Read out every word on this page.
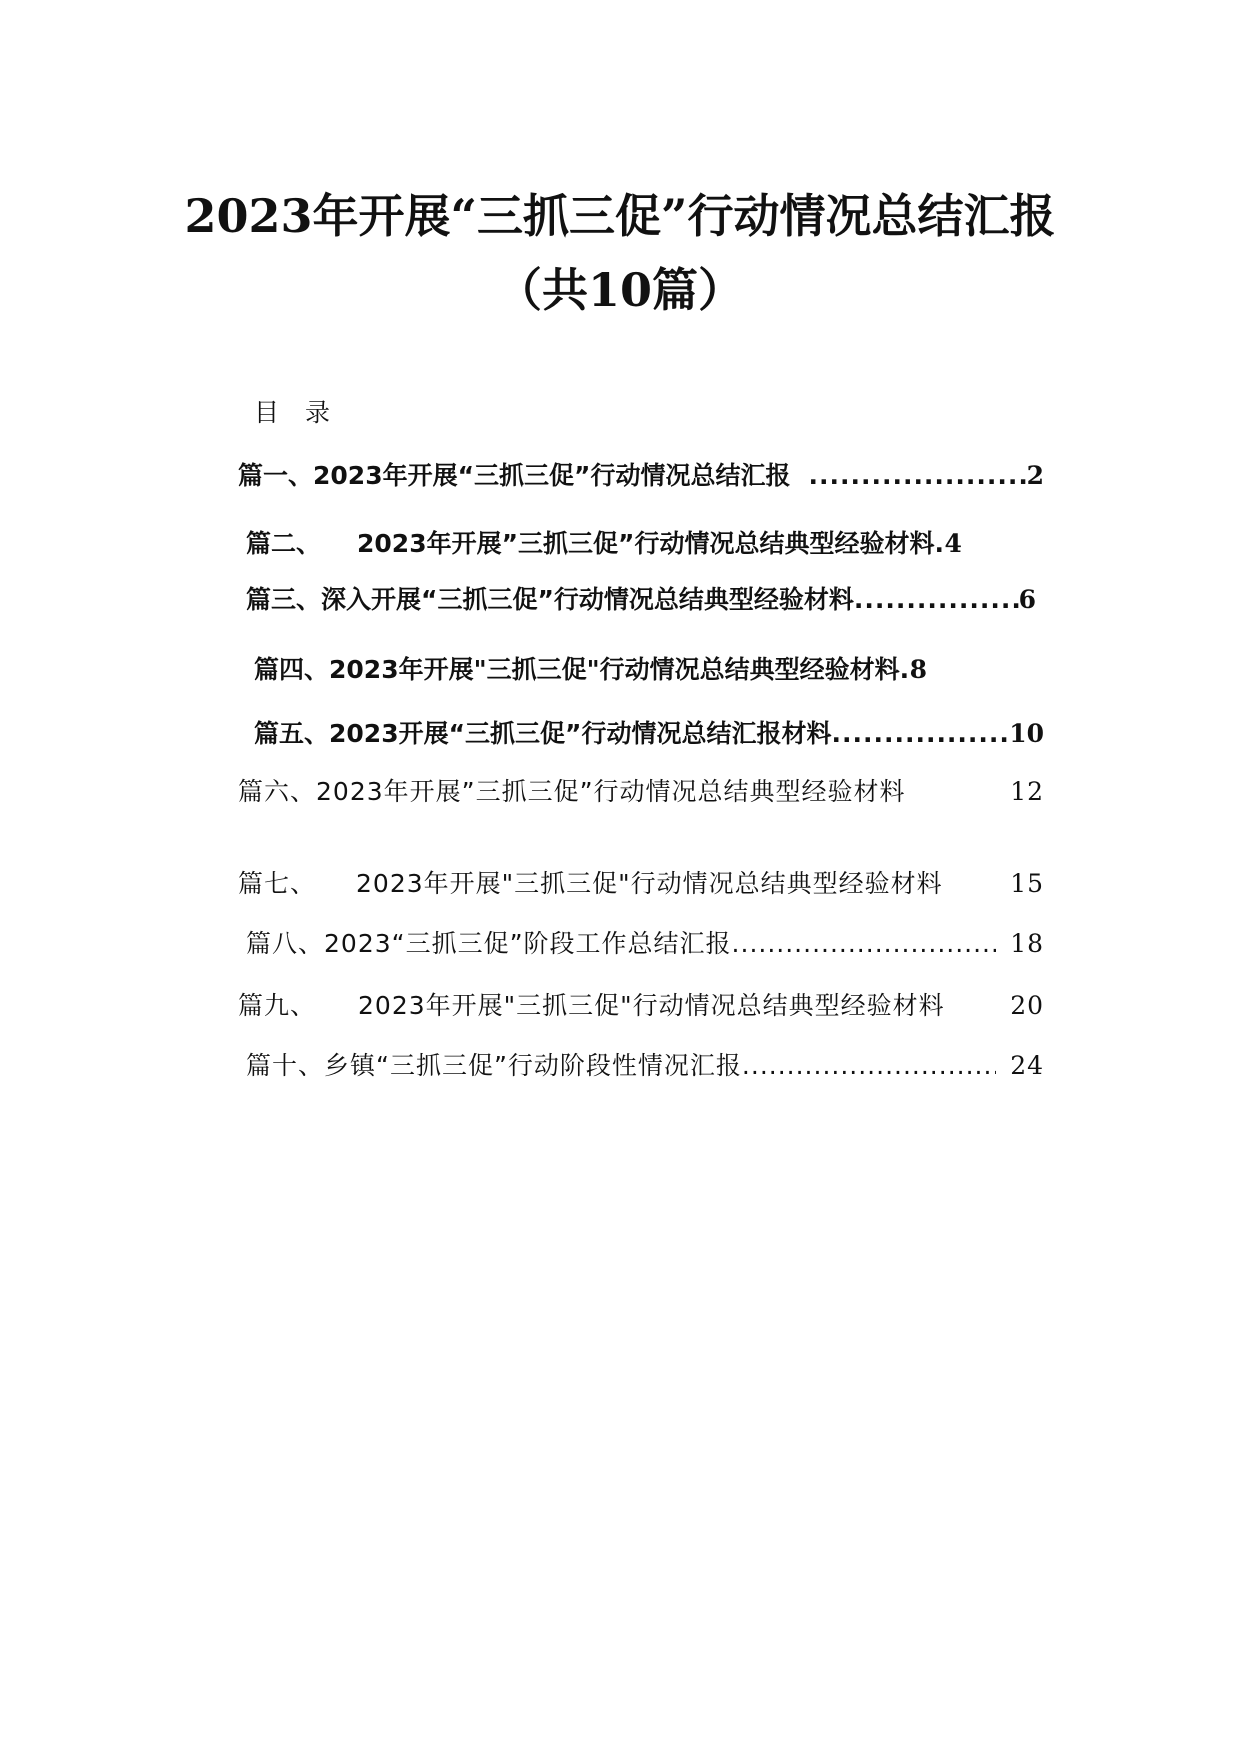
2023年开展“三抓三促”行动情况总结汇报
（共10篇）
目录
篇一、 2023年开展“三抓三促”行动情况总结汇报 .....	2
篇二、 2023年开展”三抓三促”行动情况总结典型经验材料 ..... 4
篇三、 深入开展“三抓三促”行动情况总结典型经验材料 .....	6
篇四、 2023年开展"三抓三促"行动情况总结典型经验材料 ..... 8
篇五、 2023开展“三抓三促”行动情况总结汇报材料 .....	10
篇六、 2023年开展”三抓三促”行动情况总结典型经验材料	12
篇七、 2023年开展"三抓三促"行动情况总结典型经验材料	15
篇八、 2023“三抓三促”阶段工作总结汇报 .....	18
篇九、 2023年开展"三抓三促"行动情况总结典型经验材料	20
篇十、 乡镇“三抓三促”行动阶段性情况汇报 .....	24
